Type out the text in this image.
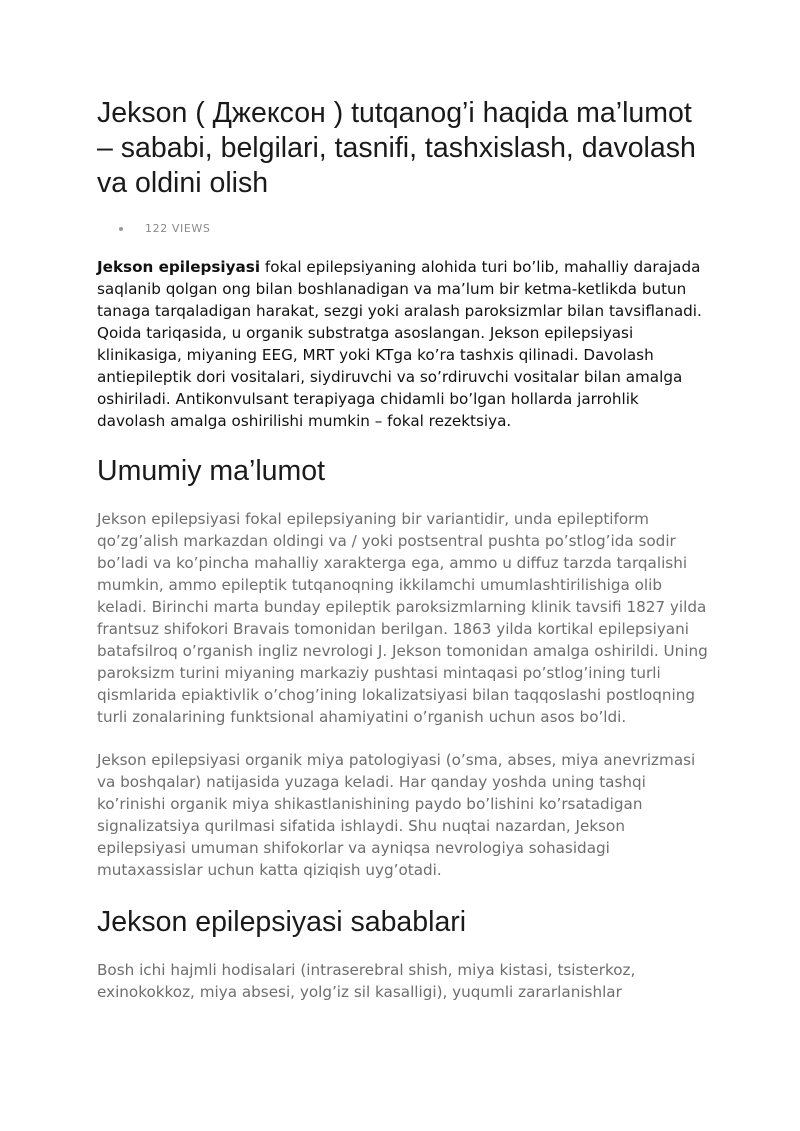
Jekson ( Джексон ) tutqanog’i haqida ma’lumot – sababi, belgilari, tasnifi, tashxislash, davolash va oldini olish
122 VIEWS

Jekson epilepsiyasi fokal epilepsiyaning alohida turi bo’lib, mahalliy darajada saqlanib qolgan ong bilan boshlanadigan va ma’lum bir ketma-ketlikda butun tanaga tarqaladigan harakat, sezgi yoki aralash paroksizmlar bilan tavsiflanadi. Qoida tariqasida, u organik substratga asoslangan. Jekson epilepsiyasi klinikasiga, miyaning EEG, MRT yoki KTga ko’ra tashxis qilinadi. Davolash antiepileptik dori vositalari, siydiruvchi va so’rdiruvchi vositalar bilan amalga oshiriladi. Antikonvulsant terapiyaga chidamli bo’lgan hollarda jarrohlik davolash amalga oshirilishi mumkin – fokal rezektsiya.

Umumiy ma’lumot

Jekson epilepsiyasi fokal epilepsiyaning bir variantidir, unda epileptiform qo’zg’alish markazdan oldingi va / yoki postsentral pushta po’stlog’ida sodir bo’ladi va ko’pincha mahalliy xarakterga ega, ammo u diffuz tarzda tarqalishi mumkin, ammo epileptik tutqanoqning ikkilamchi umumlashtirilishiga olib keladi. Birinchi marta bunday epileptik paroksizmlarning klinik tavsifi 1827 yilda frantsuz shifokori Bravais tomonidan berilgan. 1863 yilda kortikal epilepsiyani batafsilroq o’rganish ingliz nevrologi J. Jekson tomonidan amalga oshirildi. Uning paroksizm turini miyaning markaziy pushtasi mintaqasi po’stlog’ining turli qismlarida epiaktivlik o’chog’ining lokalizatsiyasi bilan taqqoslashi postloqning turli zonalarining funktsional ahamiyatini o’rganish uchun asos bo’ldi.

Jekson epilepsiyasi organik miya patologiyasi (o’sma, abses, miya anevrizmasi va boshqalar) natijasida yuzaga keladi. Har qanday yoshda uning tashqi ko’rinishi organik miya shikastlanishining paydo bo’lishini ko’rsatadigan signalizatsiya qurilmasi sifatida ishlaydi. Shu nuqtai nazardan, Jekson epilepsiyasi umuman shifokorlar va ayniqsa nevrologiya sohasidagi mutaxassislar uchun katta qiziqish uyg’otadi.

Jekson epilepsiyasi sabablari

Bosh ichi hajmli hodisalari (intraserebral shish, miya kistasi, tsisterkoz, exinokokkoz, miya absesi, yolg’iz sil kasalligi), yuqumli zararlanishlar
